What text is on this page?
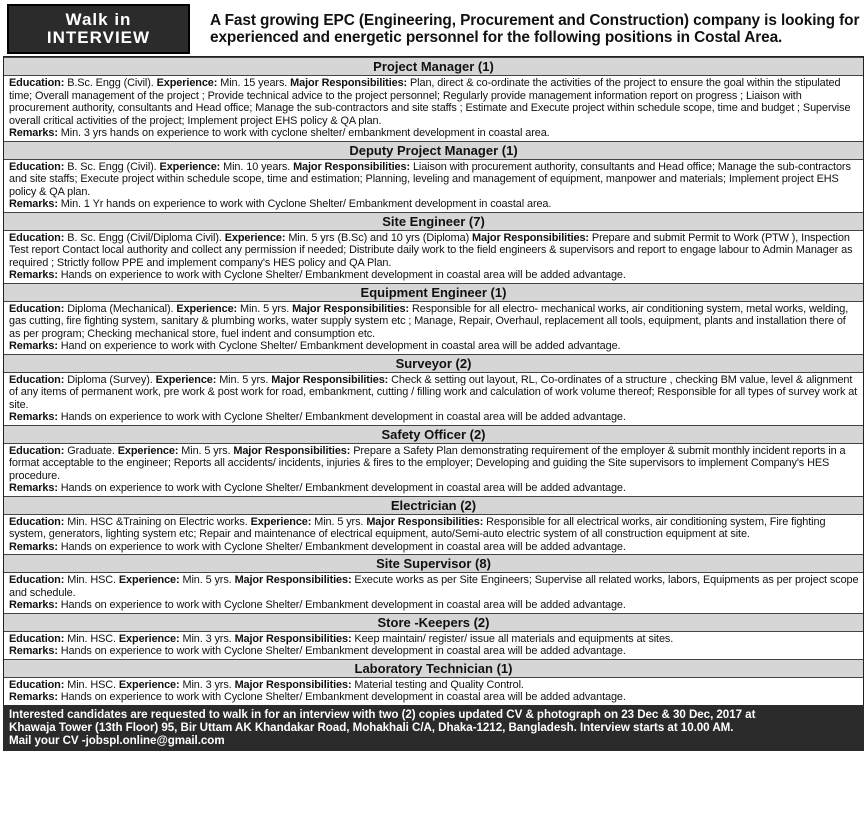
Walk in
INTERVIEW
A Fast growing EPC (Engineering, Procurement and Construction) company is looking for experienced and energetic personnel for the following positions in Costal Area.
Project Manager (1)
Education: B.Sc. Engg (Civil). Experience: Min. 15 years. Major Responsibilities: Plan, direct & co-ordinate the activities of the project to ensure the goal within the stipulated time; Overall management of the project ; Provide technical advice to the project personnel; Regularly provide management information report on progress ; Liaison with procurement authority, consultants and Head office; Manage the sub-contractors and site staffs ; Estimate and Execute project within schedule scope, time and budget ; Supervise overall critical activities of the project; Implement project EHS policy & QA plan.
Remarks: Min. 3 yrs hands on experience to work with cyclone shelter/ embankment development in coastal area.
Deputy Project Manager (1)
Education: B. Sc. Engg (Civil). Experience: Min. 10 years. Major Responsibilities: Liaison with procurement authority, consultants and Head office; Manage the sub-contractors and site staffs; Execute project within schedule scope, time and estimation; Planning, leveling and management of equipment, manpower and materials; Implement project EHS policy & QA plan.
Remarks: Min. 1 Yr hands on experience to work with Cyclone Shelter/ Embankment development in coastal area.
Site Engineer (7)
Education: B. Sc. Engg (Civil/Diploma Civil). Experience: Min. 5 yrs (B.Sc) and 10 yrs (Diploma) Major Responsibilities: Prepare and submit Permit to Work (PTW ), Inspection Test report Contact local authority and collect any permission if needed; Distribute daily work to the field engineers & supervisors and report to engage labour to Admin Manager as required ; Strictly follow PPE and implement company's HES policy and QA Plan.
Remarks: Hands on experience to work with Cyclone Shelter/ Embankment development in coastal area will be added advantage.
Equipment Engineer (1)
Education: Diploma (Mechanical). Experience: Min. 5 yrs. Major Responsibilities: Responsible for all electro- mechanical works, air conditioning system, metal works, welding, gas cutting, fire fighting system, sanitary & plumbing works, water supply system etc ; Manage, Repair, Overhaul, replacement all tools, equipment, plants and installation there of as per program; Checking mechanical store, fuel indent and consumption etc.
Remarks: Hand on experience to work with Cyclone Shelter/ Embankment development in coastal area will be added advantage.
Surveyor (2)
Education: Diploma (Survey). Experience: Min. 5 yrs. Major Responsibilities: Check & setting out layout, RL, Co-ordinates of a structure , checking BM value, level & alignment of any items of permanent work, pre work & post work for road, embankment, cutting / filling work and calculation of work volume thereof; Responsible for all types of survey work at site.
Remarks: Hands on experience to work with Cyclone Shelter/ Embankment development in coastal area will be added advantage.
Safety Officer (2)
Education: Graduate. Experience: Min. 5 yrs. Major Responsibilities: Prepare a Safety Plan demonstrating requirement of the employer & submit monthly incident reports in a format acceptable to the engineer; Reports all accidents/ incidents, injuries & fires to the employer; Developing and guiding the Site supervisors to implement Company's HES procedure.
Remarks: Hands on experience to work with Cyclone Shelter/ Embankment development in coastal area will be added advantage.
Electrician (2)
Education: Min. HSC &Training on Electric works. Experience: Min. 5 yrs. Major Responsibilities: Responsible for all electrical works, air conditioning system, Fire fighting system, generators, lighting system etc; Repair and maintenance of electrical equipment, auto/Semi-auto electric system of all construction equipment at site.
Remarks: Hands on experience to work with Cyclone Shelter/ Embankment development in coastal area will be added advantage.
Site Supervisor (8)
Education: Min. HSC. Experience: Min. 5 yrs. Major Responsibilities: Execute works as per Site Engineers; Supervise all related works, labors, Equipments as per project scope and schedule.
Remarks: Hands on experience to work with Cyclone Shelter/ Embankment development in coastal area will be added advantage.
Store -Keepers (2)
Education: Min. HSC. Experience: Min. 3 yrs. Major Responsibilities: Keep maintain/ register/ issue all materials and equipments at sites.
Remarks: Hands on experience to work with Cyclone Shelter/ Embankment development in coastal area will be added advantage.
Laboratory Technician (1)
Education: Min. HSC. Experience: Min. 3 yrs. Major Responsibilities: Material testing and Quality Control.
Remarks: Hands on experience to work with Cyclone Shelter/ Embankment development in coastal area will be added advantage.
Interested candidates are requested to walk in for an interview with two (2) copies updated CV & photograph on 23 Dec & 30 Dec, 2017 at
Khawaja Tower (13th Floor) 95, Bir Uttam AK Khandakar Road, Mohakhali C/A, Dhaka-1212, Bangladesh. Interview starts at 10.00 AM.
Mail your CV -jobspl.online@gmail.com
